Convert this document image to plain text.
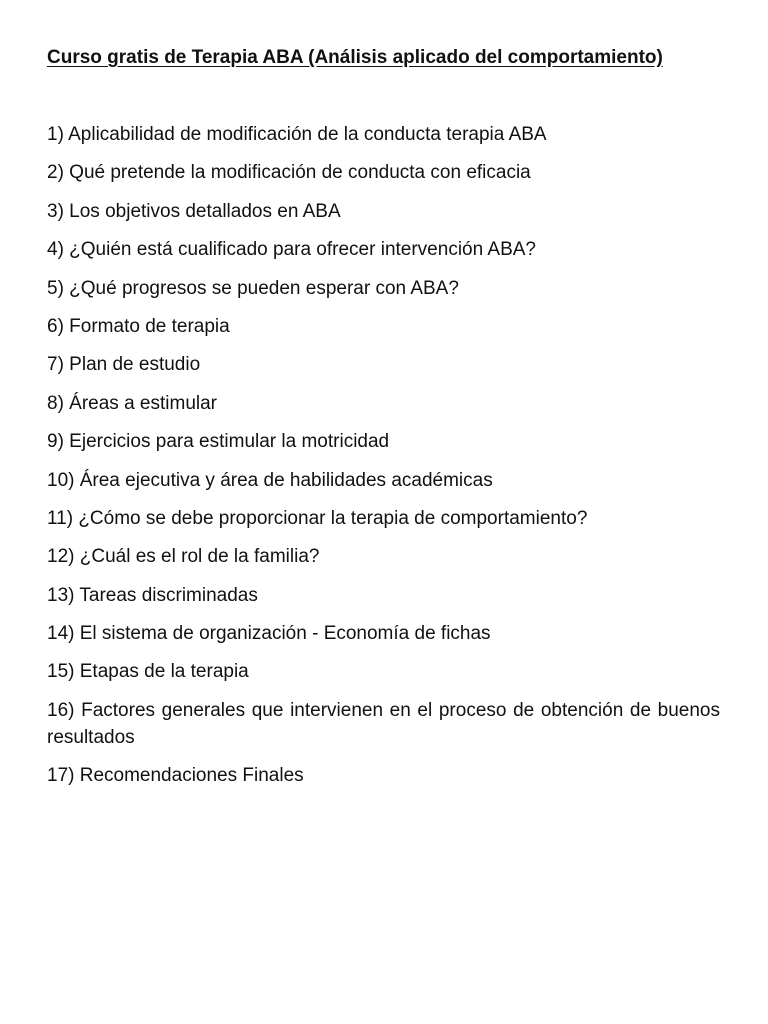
Curso gratis de Terapia ABA (Análisis aplicado del comportamiento)
1) Aplicabilidad de modificación de la conducta terapia ABA
2) Qué pretende la modificación de conducta con eficacia
3) Los objetivos detallados en ABA
4) ¿Quién está cualificado para ofrecer intervención ABA?
5) ¿Qué progresos se pueden esperar con ABA?
6) Formato de terapia
7) Plan de estudio
8) Áreas a estimular
9) Ejercicios para estimular la motricidad
10) Área ejecutiva y área de habilidades académicas
11) ¿Cómo se debe proporcionar la terapia de comportamiento?
12) ¿Cuál es el rol de la familia?
13) Tareas discriminadas
14) El sistema de organización - Economía de fichas
15) Etapas de la terapia
16) Factores generales que intervienen en el proceso de obtención de buenos resultados
17) Recomendaciones Finales
